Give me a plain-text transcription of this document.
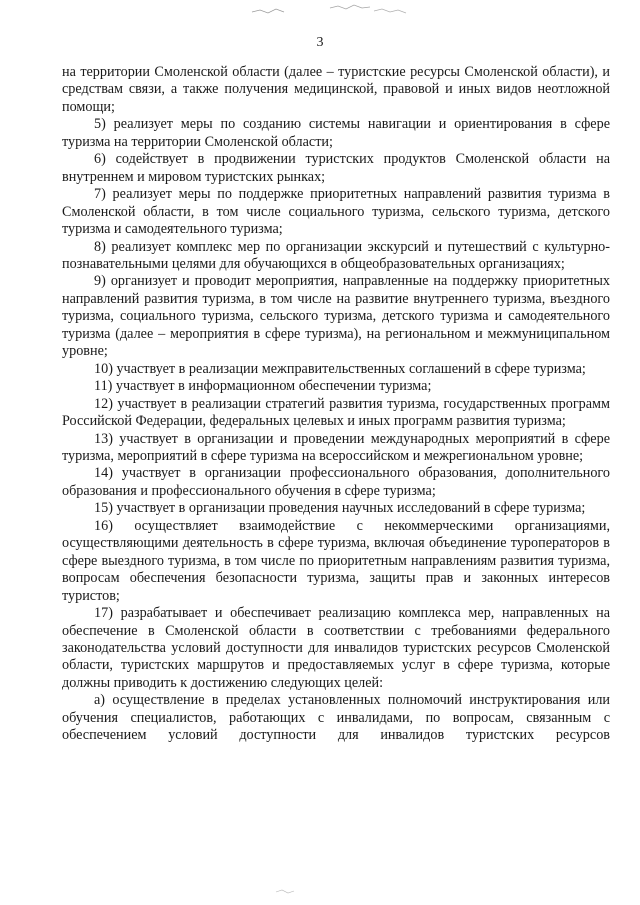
3

на территории Смоленской области (далее – туристские ресурсы Смоленской области), и средствам связи, а также получения медицинской, правовой и иных видов неотложной помощи;

5) реализует меры по созданию системы навигации и ориентирования в сфере туризма на территории Смоленской области;

6) содействует в продвижении туристских продуктов Смоленской области на внутреннем и мировом туристских рынках;

7) реализует меры по поддержке приоритетных направлений развития туризма в Смоленской области, в том числе социального туризма, сельского туризма, детского туризма и самодеятельного туризма;

8) реализует комплекс мер по организации экскурсий и путешествий с культурно-познавательными целями для обучающихся в общеобразовательных организациях;

9) организует и проводит мероприятия, направленные на поддержку приоритетных направлений развития туризма, в том числе на развитие внутреннего туризма, въездного туризма, социального туризма, сельского туризма, детского туризма и самодеятельного туризма (далее – мероприятия в сфере туризма), на региональном и межмуниципальном уровне;

10) участвует в реализации межправительственных соглашений в сфере туризма;

11) участвует в информационном обеспечении туризма;

12) участвует в реализации стратегий развития туризма, государственных программ Российской Федерации, федеральных целевых и иных программ развития туризма;

13) участвует в организации и проведении международных мероприятий в сфере туризма, мероприятий в сфере туризма на всероссийском и межрегиональном уровне;

14) участвует в организации профессионального образования, дополнительного образования и профессионального обучения в сфере туризма;

15) участвует в организации проведения научных исследований в сфере туризма;

16) осуществляет взаимодействие с некоммерческими организациями, осуществляющими деятельность в сфере туризма, включая объединение туроператоров в сфере выездного туризма, в том числе по приоритетным направлениям развития туризма, вопросам обеспечения безопасности туризма, защиты прав и законных интересов туристов;

17) разрабатывает и обеспечивает реализацию комплекса мер, направленных на обеспечение в Смоленской области в соответствии с требованиями федерального законодательства условий доступности для инвалидов туристских ресурсов Смоленской области, туристских маршрутов и предоставляемых услуг в сфере туризма, которые должны приводить к достижению следующих целей:

а) осуществление в пределах установленных полномочий инструктирования или обучения специалистов, работающих с инвалидами, по вопросам, связанным с обеспечением условий доступности для инвалидов туристских ресурсов
